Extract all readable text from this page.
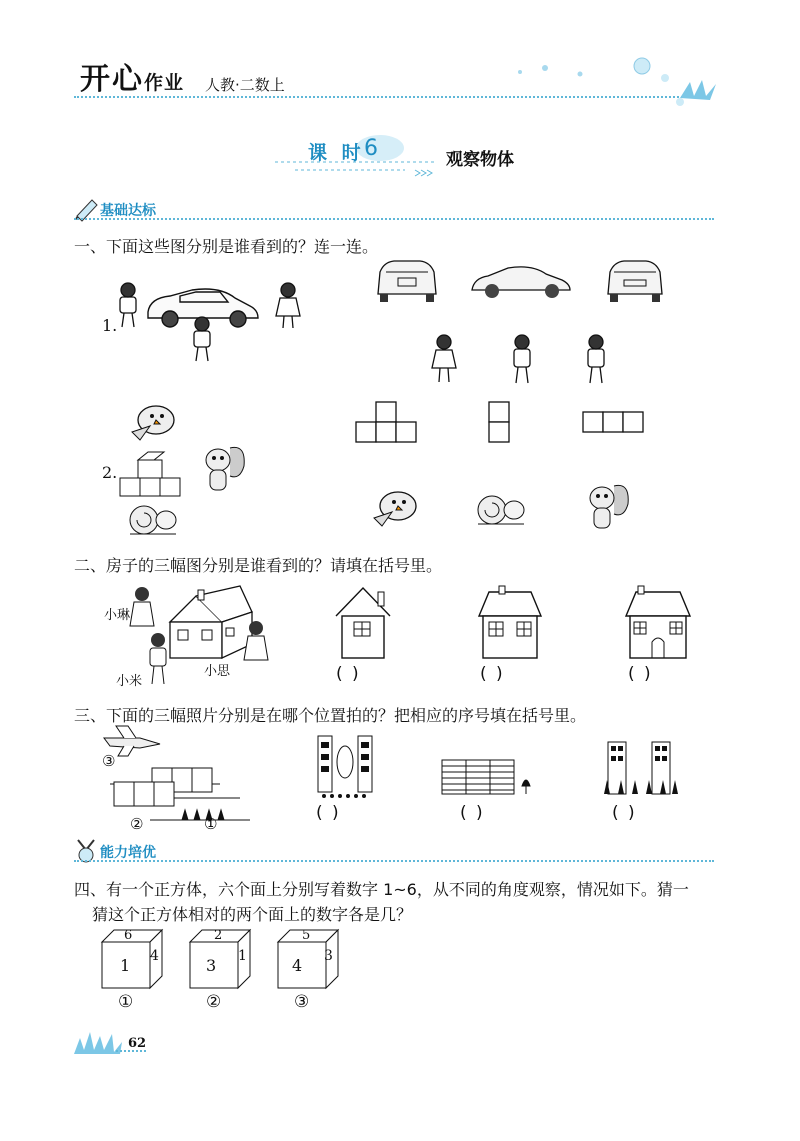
开心作业 人教·二数上
课 时 6	观察物体
基础达标
一、下面这些图分别是谁看到的？连一连。
1.
2.
二、房子的三幅图分别是谁看到的？请填在括号里。
小琳
小米
小思	( )	( )	( )
三、下面的三幅照片分别是在哪个位置拍的？把相应的序号填在括号里。
③
②	①
( )	( )	( )
能力培优
四、有一个正方体，六个面上分别写着数字 1~6，从不同的角度观察，情况如下。猜一
猜这个正方体相对的两个面上的数字各是几？
6
1 4
2
3 1
5
4 3
①	②	③
62
